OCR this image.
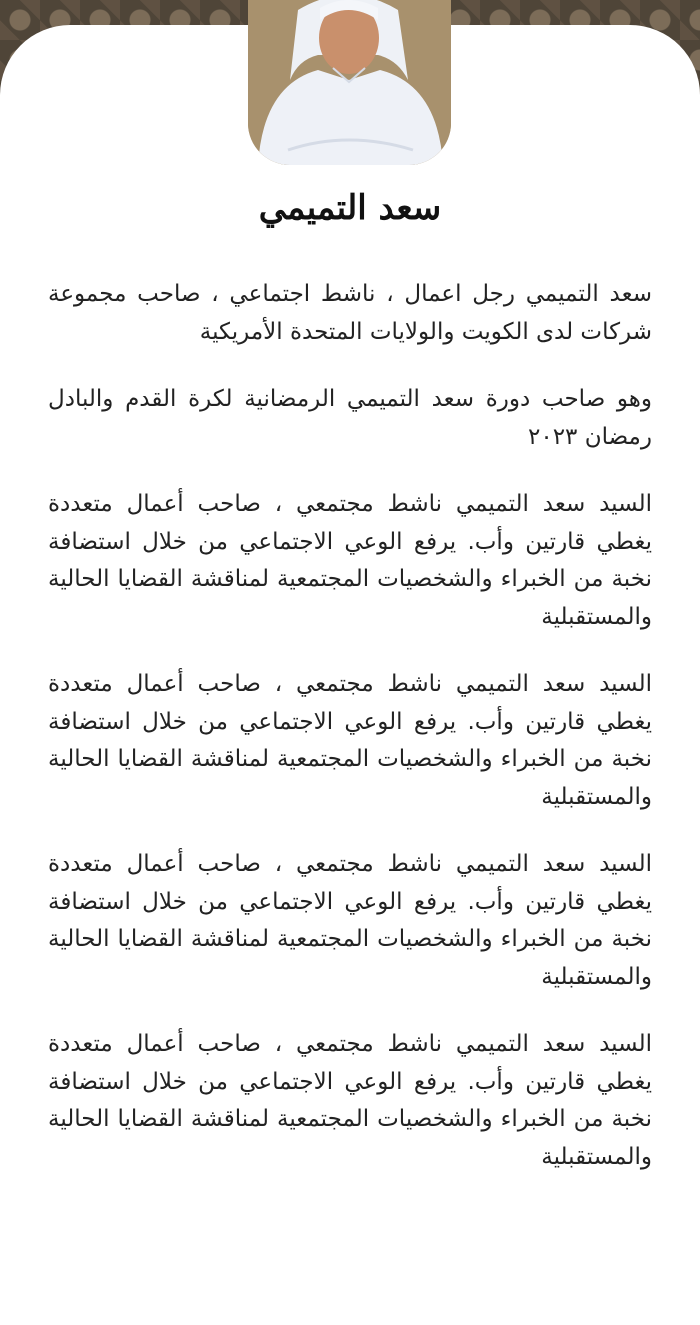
سعد التميمي

سعد التميمي رجل اعمال ، ناشط اجتماعي ، صاحب مجموعة شركات لدى الكويت والولايات المتحدة الأمريكية

وهو صاحب دورة سعد التميمي الرمضانية لكرة القدم والبادل رمضان ٢٠٢٣

السيد سعد التميمي ناشط مجتمعي ، صاحب أعمال متعددة يغطي قارتين وأب. يرفع الوعي الاجتماعي من خلال استضافة نخبة من الخبراء والشخصيات المجتمعية لمناقشة القضايا الحالية والمستقبلية

السيد سعد التميمي ناشط مجتمعي ، صاحب أعمال متعددة يغطي قارتين وأب. يرفع الوعي الاجتماعي من خلال استضافة نخبة من الخبراء والشخصيات المجتمعية لمناقشة القضايا الحالية والمستقبلية

السيد سعد التميمي ناشط مجتمعي ، صاحب أعمال متعددة يغطي قارتين وأب. يرفع الوعي الاجتماعي من خلال استضافة نخبة من الخبراء والشخصيات المجتمعية لمناقشة القضايا الحالية والمستقبلية

السيد سعد التميمي ناشط مجتمعي ، صاحب أعمال متعددة يغطي قارتين وأب. يرفع الوعي الاجتماعي من خلال استضافة نخبة من الخبراء والشخصيات المجتمعية لمناقشة القضايا الحالية والمستقبلية
